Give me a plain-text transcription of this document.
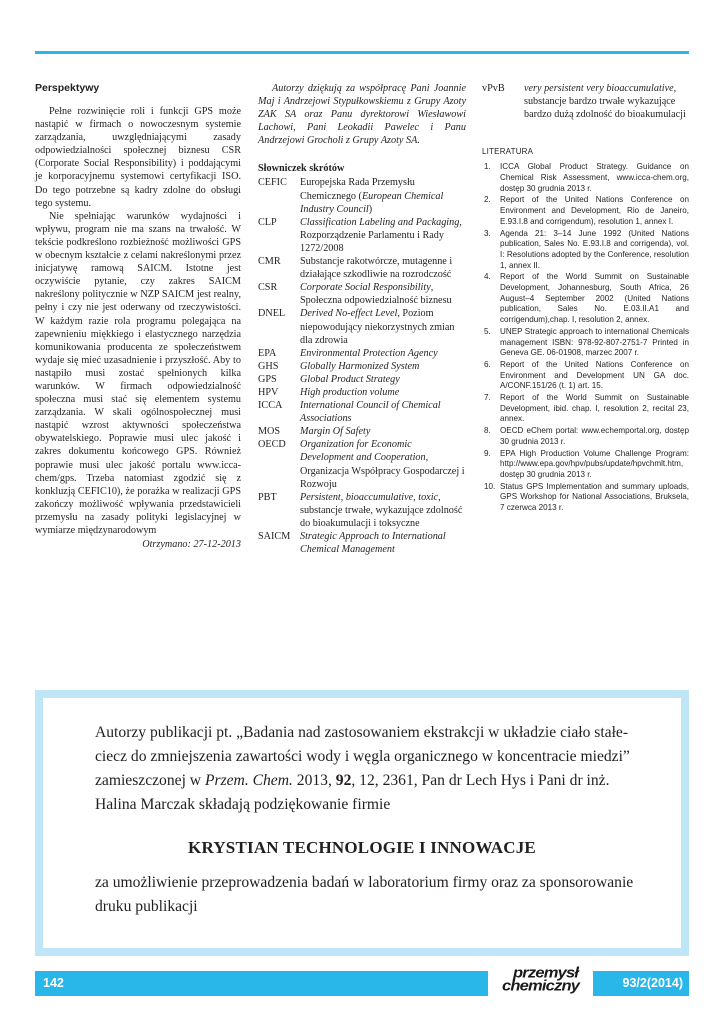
Perspektywy

Pełne rozwinięcie roli i funkcji GPS może nastąpić w firmach o nowoczesnym systemie zarządzania, uwzględniającymi zasady odpowiedzialności społecznej biznesu CSR (Corporate Social Responsibility) i poddającymi je korporacyjnemu systemowi certyfikacji ISO. Do tego potrzebne są kadry zdolne do obsługi tego systemu.

Nie spełniając warunków wydajności i wpływu, program nie ma szans na trwałość. W tekście podkreślono rozbieżność możliwości GPS w obecnym kształcie z celami nakreślonymi przez inicjatywę ramową SAICM. Istotne jest oczywiście pytanie, czy zakres SAICM nakreślony politycznie w NZP SAICM jest realny, pełny i czy nie jest oderwany od rzeczywistości. W każdym razie rola programu polegająca na zapewnieniu miękkiego i elastycznego narzędzia komunikowania producenta ze społeczeństwem wydaje się mieć uzasadnienie i przyszłość. Aby to nastąpiło musi zostać spełnionych kilka warunków. W firmach odpowiedzialność społeczna musi stać się elementem systemu zarządzania. W skali ogólnospołecznej musi nastąpić wzrost aktywności społeczeństwa obywatelskiego. Poprawie musi ulec jakość i zakres dokumentu końcowego GPS. Również poprawie musi ulec jakość portalu www.icca-chem/gps. Trzeba natomiast zgodzić się z konkluzją CEFIC10), że porażka w realizacji GPS zakończy możliwość wpływania przedstawicieli przemysłu na zasady polityki legislacyjnej w wymiarze międzynarodowym

Otrzymano: 27-12-2013

Autorzy dziękują za współpracę Pani Joannie Maj i Andrzejowi Stypułkowskiemu z Grupy Azoty ZAK SA oraz Panu dyrektorowi Wiesławowi Lachowi, Pani Leokadii Pawelec i Panu Andrzejowi Grocholi z Grupy Azoty SA.

Słowniczek skrótów
CEFIC	Europejska Rada Przemysłu Chemicznego (European Chemical Industry Council)
CLP	Classification Labeling and Packaging, Rozporządzenie Parlamentu i Rady 1272/2008
CMR	Substancje rakotwórcze, mutagenne i działające szkodliwie na rozrodczość
CSR	Corporate Social Responsibility, Społeczna odpowiedzialność biznesu
DNEL	Derived No-effect Level, Poziom niepowodujący niekorzystnych zmian dla zdrowia
EPA	Environmental Protection Agency
GHS	Globally Harmonized System
GPS	Global Product Strategy
HPV	High production volume
ICCA	International Council of Chemical Associations
MOS	Margin Of Safety
OECD	Organization for Economic Development and Cooperation, Organizacja Współpracy Gospodarczej i Rozwoju
PBT	Persistent, bioaccumulative, toxic, substancje trwałe, wykazujące zdolność do bioakumulacji i toksyczne
SAICM	Strategic Approach to International Chemical Management
vPvB	very persistent very bioaccumulative, substancje bardzo trwałe wykazujące bardzo dużą zdolność do bioakumulacji
LITERATURA
1. ICCA Global Product Strategy. Guidance on Chemical Risk Assessment, www.icca-chem.org, dostęp 30 grudnia 2013 r.
2. Report of the United Nations Conference on Environment and Development, Rio de Janeiro, E.93.I.8 and corrigendum), resolution 1, annex I.
3. Agenda 21: 3–14 June 1992 (United Nations publication, Sales No. E.93.I.8 and corrigenda), vol. I: Resolutions adopted by the Conference, resolution 1, annex II.
4. Report of the World Summit on Sustainable Development, Johannesburg, South Africa, 26 August–4 September 2002 (United Nations publication, Sales No. E.03.II.A1 and corrigendum),chap. I, resolution 2, annex.
5. UNEP Strategic approach to international Chemicals management ISBN: 978-92-807-2751-7 Printed in Geneva GE. 06-01908, marzec 2007 r.
6. Report of the United Nations Conference on Environment and Development UN GA doc. A/CONF.151/26 (t. 1) art. 15.
7. Report of the World Summit on Sustainable Development, ibid. chap. I, resolution 2, recital 23, annex.
8. OECD eChem portal: www.echemportal.org, dostęp 30 grudnia 2013 r.
9. EPA High Production Volume Challenge Program: http://www.epa.gov/hpv/pubs/update/hpvchmlt.htm, dostęp 30 grudnia 2013 r.
10. Status GPS Implementation and summary uploads, GPS Workshop for National Associations, Bruksela, 7 czerwca 2013 r.
Autorzy publikacji pt. „Badania nad zastosowaniem ekstrakcji w układzie ciało stałe-ciecz do zmniejszenia zawartości wody i węgla organicznego w koncentracie miedzi” zamieszczonej w Przem. Chem. 2013, 92, 12, 2361, Pan dr Lech Hys i Pani dr inż. Halina Marczak składają podziękowanie firmie
KRYSTIAN TECHNOLOGIE I INNOWACJE
za umożliwienie przeprowadzenia badań w laboratorium firmy oraz za sponsorowanie druku publikacji
142
przemysł
chemiczny	93/2(2014)
